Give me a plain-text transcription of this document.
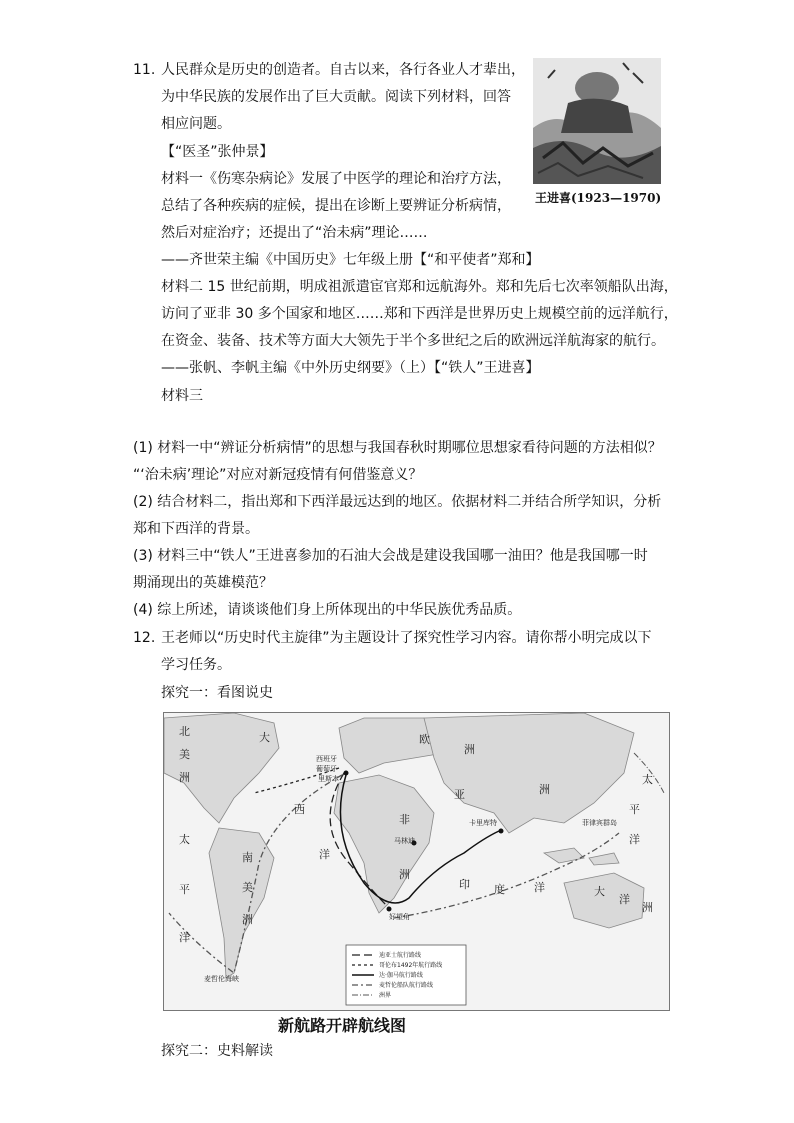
11. 人民群众是历史的创造者。自古以来，各行各业人才辈出，
为中华民族的发展作出了巨大贡献。阅读下列材料，回答
相应问题。
【“医圣”张仲景】
材料一《伤寒杂病论》发展了中医学的理论和治疗方法，
总结了各种疾病的症候，提出在诊断上要辨证分析病情，
然后对症治疗；还提出了“治未病”理论……
——齐世荣主编《中国历史》七年级上册【“和平使者”郑和】
材料二 15 世纪前期，明成祖派遣宦官郑和远航海外。郑和先后七次率领船队出海，
访问了亚非 30 多个国家和地区……郑和下西洋是世界历史上规模空前的远洋航行，
在资金、装备、技术等方面大大领先于半个多世纪之后的欧洲远洋航海家的航行。
——张帆、李帆主编《中外历史纲要》（上）【“铁人”王进喜】
材料三
王进喜(1923—1970)
(1) 材料一中“辨证分析病情”的思想与我国春秋时期哪位思想家看待问题的方法相似？
“‘治未病’理论”对应对新冠疫情有何借鉴意义？
(2) 结合材料二，指出郑和下西洋最远达到的地区。依据材料二并结合所学知识，分析
郑和下西洋的背景。
(3) 材料三中“铁人”王进喜参加的石油大会战是建设我国哪一油田？他是我国哪一时
期涌现出的英雄模范？
(4) 综上所述，请谈谈他们身上所体现出的中华民族优秀品质。
12. 王老师以“历史时代主旋律”为主题设计了探究性学习内容。请你帮小明完成以下
学习任务。
探究一：看图说史
北
美
洲
南
美
洲
非
洲
欧
洲
亚	洲
大
洋
洲
太
平
洋
太
平
洋
大
西
洋
印 度	洋
西班牙
葡萄牙
里斯本
卡里库特
马林迪
好望角
菲律宾群岛
麦哲伦海峡
迪亚士航行路线
哥伦布1492年航行路线
达·伽马航行路线
麦哲伦船队航行路线
洲界
新航路开辟航线图
探究二：史料解读
